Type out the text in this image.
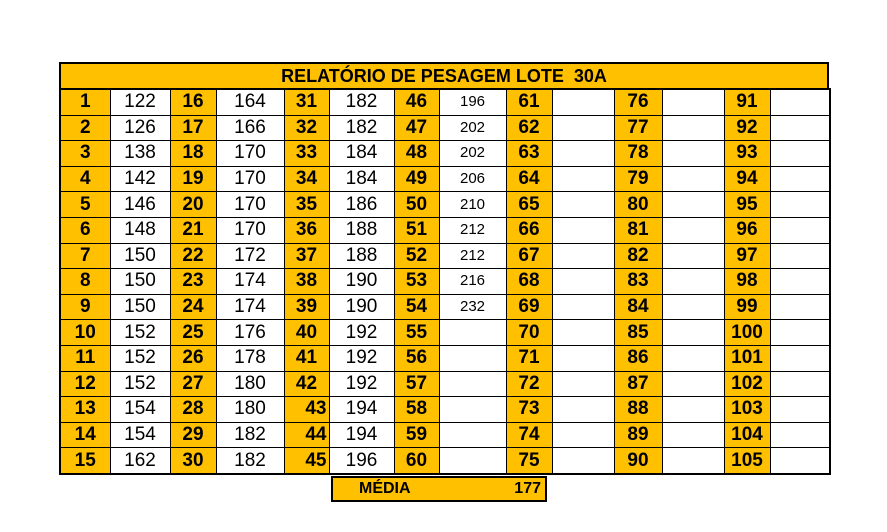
RELATÓRIO DE PESAGEM LOTE  30A
1	122	16	164	31	182	46	196	61		76		91	
2	126	17	166	32	182	47	202	62		77		92	
3	138	18	170	33	184	48	202	63		78		93	
4	142	19	170	34	184	49	206	64		79		94	
5	146	20	170	35	186	50	210	65		80		95	
6	148	21	170	36	188	51	212	66		81		96	
7	150	22	172	37	188	52	212	67		82		97	
8	150	23	174	38	190	53	216	68		83		98	
9	150	24	174	39	190	54	232	69		84		99	
10	152	25	176	40	192	55		70		85		100	
11	152	26	178	41	192	56		71		86		101	
12	152	27	180	42	192	57		72		87		102	
13	154	28	180	43	194	58		73		88		103	
14	154	29	182	44	194	59		74		89		104	
15	162	30	182	45	196	60		75		90		105	
MÉDIA	177
